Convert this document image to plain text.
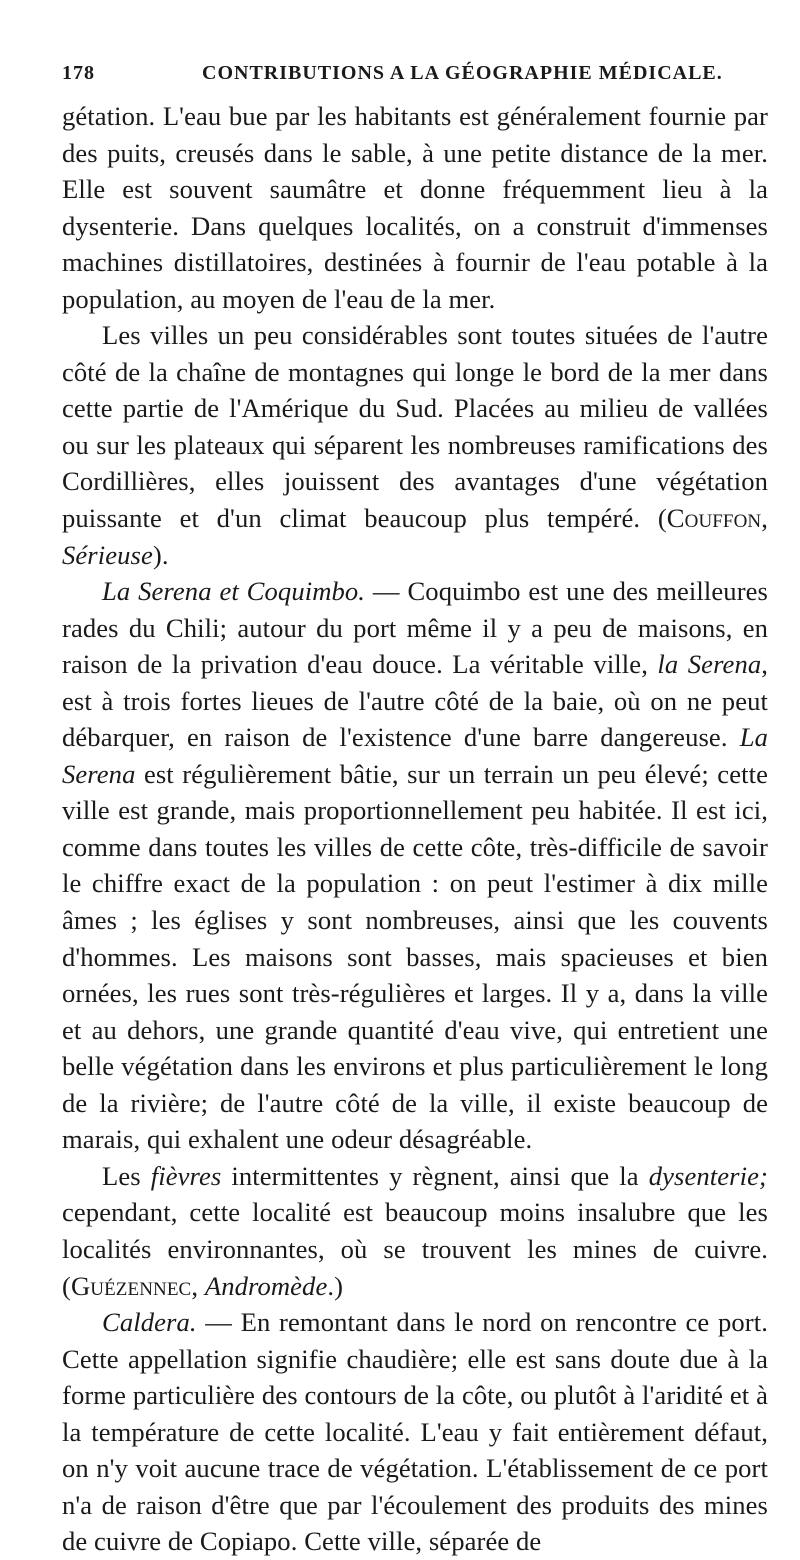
178	CONTRIBUTIONS A LA GÉOGRAPHIE MÉDICALE.

gétation. L'eau bue par les habitants est généralement fournie par des puits, creusés dans le sable, à une petite distance de la mer. Elle est souvent saumâtre et donne fréquemment lieu à la dysenterie. Dans quelques localités, on a construit d'immenses machines distillatoires, destinées à fournir de l'eau potable à la population, au moyen de l'eau de la mer.

Les villes un peu considérables sont toutes situées de l'autre côté de la chaîne de montagnes qui longe le bord de la mer dans cette partie de l'Amérique du Sud. Placées au milieu de vallées ou sur les plateaux qui séparent les nombreuses ramifications des Cordillières, elles jouissent des avantages d'une végétation puissante et d'un climat beaucoup plus tempéré. (Couffon, Sérieuse).

La Serena et Coquimbo. — Coquimbo est une des meilleures rades du Chili; autour du port même il y a peu de maisons, en raison de la privation d'eau douce. La véritable ville, la Serena, est à trois fortes lieues de l'autre côté de la baie, où on ne peut débarquer, en raison de l'existence d'une barre dangereuse. La Serena est régulièrement bâtie, sur un terrain un peu élevé; cette ville est grande, mais proportionnellement peu habitée. Il est ici, comme dans toutes les villes de cette côte, très-difficile de savoir le chiffre exact de la population : on peut l'estimer à dix mille âmes ; les églises y sont nombreuses, ainsi que les couvents d'hommes. Les maisons sont basses, mais spacieuses et bien ornées, les rues sont très-régulières et larges. Il y a, dans la ville et au dehors, une grande quantité d'eau vive, qui entretient une belle végétation dans les environs et plus particulièrement le long de la rivière; de l'autre côté de la ville, il existe beaucoup de marais, qui exhalent une odeur désagréable.

Les fièvres intermittentes y règnent, ainsi que la dysenterie; cependant, cette localité est beaucoup moins insalubre que les localités environnantes, où se trouvent les mines de cuivre. (Guézennec, Andromède.)

Caldera. — En remontant dans le nord on rencontre ce port. Cette appellation signifie chaudière; elle est sans doute due à la forme particulière des contours de la côte, ou plutôt à l'aridité et à la température de cette localité. L'eau y fait entièrement défaut, on n'y voit aucune trace de végétation. L'établissement de ce port n'a de raison d'être que par l'écoulement des produits des mines de cuivre de Copiapo. Cette ville, séparée de
